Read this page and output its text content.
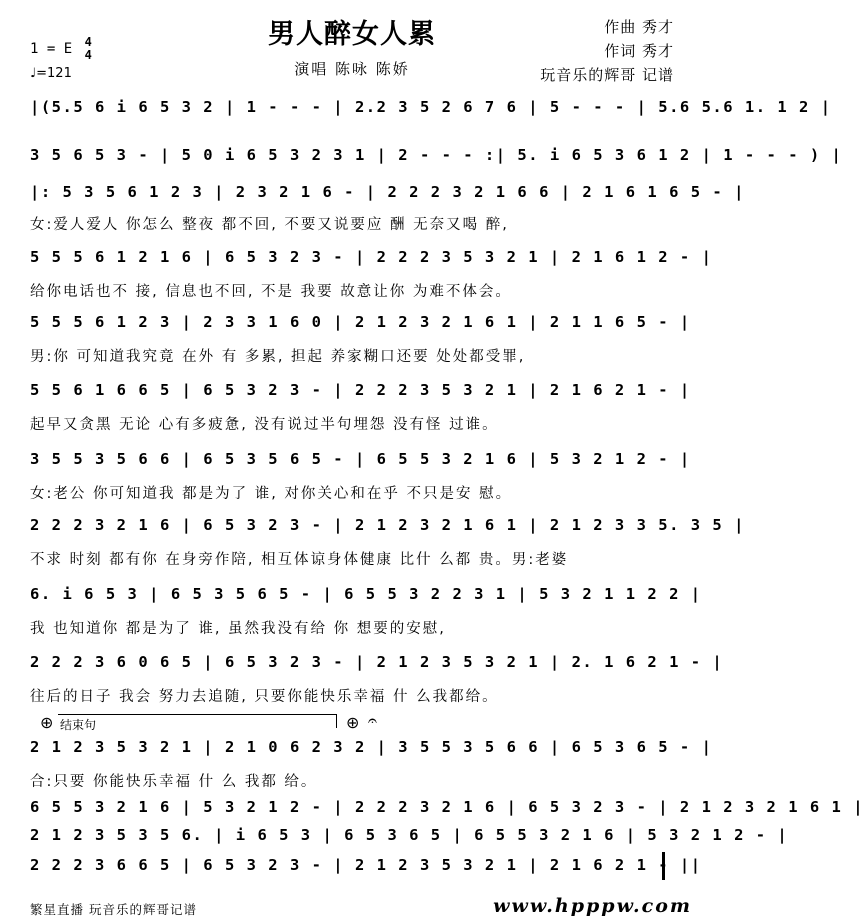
男人醉女人累
演唱 陈咏 陈娇
作曲 秀才
作词 秀才
玩音乐的辉哥 记谱
1 = E 4
4
♩=121
|(5.5 6 i 6 5 3 2 | 1 - - - | 2.2 3 5 2 6 7 6 | 5 - - - | 5.6 5.6 1. 1 2 |
3 5 6 5 3 - | 5 0 i 6 5 3 2 3 1 | 2 - - - :| 5. i 6 5 3 6 1 2 | 1 - - - ) |
|: 5 3 5 6 1 2 3 | 2 3 2 1 6 - | 2 2 2 3 2 1 6 6 | 2 1 6 1 6 5 - |
女:爱人爱人 你怎么 整夜 都不回, 不要又说要应 酬 无奈又喝 醉,
5 5 5 6 1 2 1 6 | 6 5 3 2 3 - | 2 2 2 3 5 3 2 1 | 2 1 6 1 2 - |
给你电话也不 接, 信息也不回, 不是 我要 故意让你 为难不体会。
5 5 5 6 1 2 3 | 2 3 3 1 6 0 | 2 1 2 3 2 1 6 1 | 2 1 1 6 5 - |
男:你 可知道我究竟 在外 有 多累, 担起 养家糊口还要 处处都受罪,
5 5 6 1 6 6 5 | 6 5 3 2 3 - | 2 2 2 3 5 3 2 1 | 2 1 6 2 1 - |
起早又贪黑 无论 心有多疲惫, 没有说过半句埋怨 没有怪 过谁。
3 5 5 3 5 6 6 | 6 5 3 5 6 5 - | 6 5 5 3 2 1 6 | 5 3 2 1 2 - |
女:老公 你可知道我 都是为了 谁, 对你关心和在乎 不只是安 慰。
2 2 2 3 2 1 6 | 6 5 3 2 3 - | 2 1 2 3 2 1 6 1 | 2 1 2 3 3 5. 3 5 |
不求 时刻 都有你 在身旁作陪, 相互体谅身体健康 比什 么都 贵。男:老婆
6. i 6 5 3 | 6 5 3 5 6 5 - | 6 5 5 3 2 2 3 1 | 5 3 2 1 1 2 2 |
我 也知道你 都是为了 谁, 虽然我没有给 你 想要的安慰,
2 2 2 3 6 0 6 5 | 6 5 3 2 3 - | 2 1 2 3 5 3 2 1 | 2. 1 6 2 1 - |
往后的日子 我会 努力去追随, 只要你能快乐幸福 什 么我都给。
⊕ 结束句	⊕ 𝄐
2 1 2 3 5 3 2 1 | 2 1 0 6 2 3 2 | 3 5 5 3 5 6 6 | 6 5 3 6 5 - |
合:只要 你能快乐幸福 什 么 我都 给。
6 5 5 3 2 1 6 | 5 3 2 1 2 - | 2 2 2 3 2 1 6 | 6 5 3 2 3 - | 2 1 2 3 2 1 6 1 |
2 1 2 3 5 3 5 6. | i 6 5 3 | 6 5 3 6 5 | 6 5 5 3 2 1 6 | 5 3 2 1 2 - |
2 2 2 3 6 6 5 | 6 5 3 2 3 - | 2 1 2 3 5 3 2 1 | 2 1 6 2 1 - ||
繁星直播 玩音乐的辉哥记谱	www.hpppw.com
